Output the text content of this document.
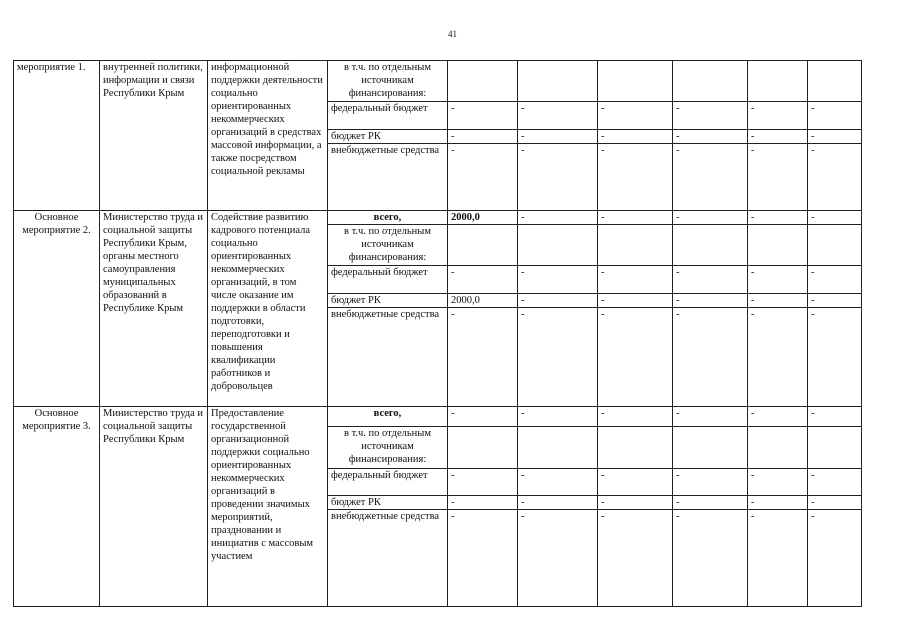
41
мероприятие 1.	внутренней политики, информации и связи Республики Крым	информационной поддержки деятельности социально ориентированных некоммерческих организаций в средствах массовой информации, а также посредством социальной рекламы	в т.ч. по отдельным источникам финансирования:						
			федеральный бюджет	-	-	-	-	-	-
			бюджет РК	-	-	-	-	-	-
			внебюджетные средства	-	-	-	-	-	-
Основное мероприятие 2.	Министерство труда и социальной защиты Республики Крым, органы местного самоуправления муниципальных образований в Республике Крым	Содействие развитию кадрового потенциала социально ориентированных некоммерческих организаций, в том числе оказание им поддержки в области подготовки, переподготовки и повышения квалификации работников и добровольцев	всего,	2000,0	-	-	-	-	-
			в т.ч. по отдельным источникам финансирования:						
			федеральный бюджет	-	-	-	-	-	-
			бюджет РК	2000,0	-	-	-	-	-
			внебюджетные средства	-	-	-	-	-	-
Основное мероприятие 3.	Министерство труда и социальной защиты Республики Крым	Предоставление государственной организационной поддержки социально ориентированных некоммерческих организаций в проведении значимых мероприятий, праздновании и инициатив с массовым участием	всего,	-	-	-	-	-	-
			в т.ч. по отдельным источникам финансирования:						
			федеральный бюджет	-	-	-	-	-	-
			бюджет РК	-	-	-	-	-	-
			внебюджетные средства	-	-	-	-	-	-
